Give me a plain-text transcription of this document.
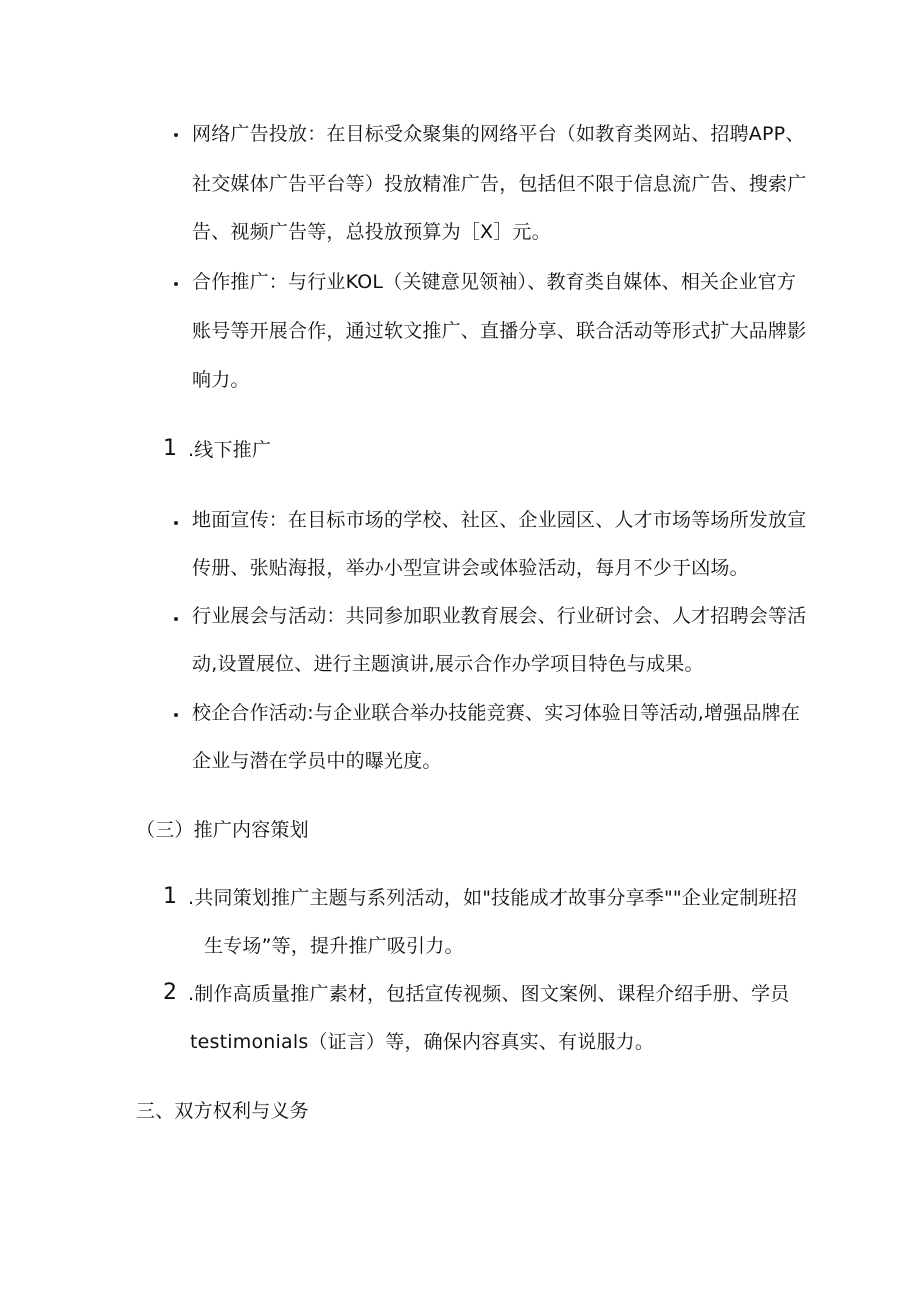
网络广告投放：在目标受众聚集的网络平台（如教育类网站、招聘APP、
社交媒体广告平台等）投放精准广告，包括但不限于信息流广告、搜索广
告、视频广告等，总投放预算为［X］元。
合作推广：与行业KOL（关键意见领袖）、教育类自媒体、相关企业官方
账号等开展合作，通过软文推广、直播分享、联合活动等形式扩大品牌影
响力。
1 .线下推广
地面宣传：在目标市场的学校、社区、企业园区、人才市场等场所发放宣
传册、张贴海报，举办小型宣讲会或体验活动，每月不少于凶场。
行业展会与活动：共同参加职业教育展会、行业研讨会、人才招聘会等活
动,设置展位、进行主题演讲,展示合作办学项目特色与成果。
校企合作活动:与企业联合举办技能竞赛、实习体验日等活动,增强品牌在
企业与潜在学员中的曝光度。
（三）推广内容策划
1 .共同策划推广主题与系列活动，如"技能成才故事分享季""企业定制班招
生专场”等，提升推广吸引力。
2 .制作高质量推广素材，包括宣传视频、图文案例、课程介绍手册、学员
testimonials（证言）等，确保内容真实、有说服力。
三、双方权利与义务
